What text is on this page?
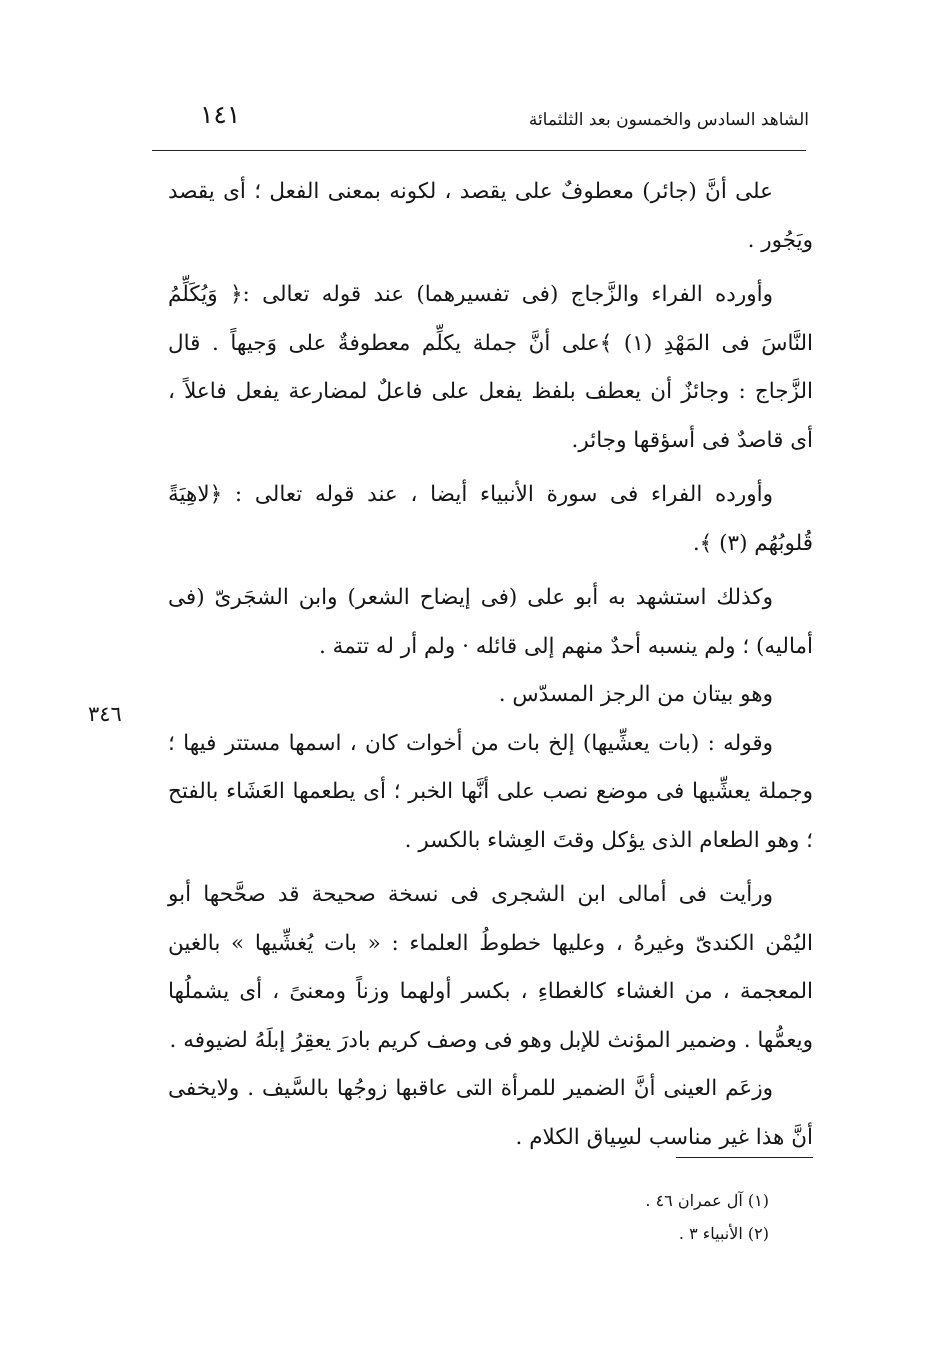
الشاهد السادس والخمسون بعد الثلثمائة
١٤١

على أنَّ (جائر) معطوفٌ على يقصد ، لكونه بمعنى الفعل ؛ أى يقصد ويَجُور .

وأورده الفراء والزَّجاج (فى تفسيرهما) عند قوله تعالى :﴿ وَيُكَلِّمُ النَّاسَ فى المَهْدِ (١) ﴾على أنَّ جملة يكلِّم معطوفةٌ على وَجيهاً . قال الزَّجاج : وجائزٌ أن يعطف بلفظ يفعل على فاعلٌ لمضارعة يفعل فاعلاً ، أى قاصدٌ فى أسؤقها وجائر.

وأورده الفراء فى سورة الأنبياء أيضا ، عند قوله تعالى : ﴿لاهِيَةً قُلوبُهُم (٣) ﴾.

وكذلك استشهد به أبو على (فى إيضاح الشعر) وابن الشجَرىّ (فى أماليه) ؛ ولم ينسبه أحدٌ منهم إلى قائله · ولم أر له تتمة .

وهو بيتان من الرجز المسدّس .

وقوله : (بات يعشِّيها) إلخ بات من أخوات كان ، اسمها مستتر فيها ؛ وجملة يعشِّيها فى موضع نصب على أنَّها الخبر ؛ أى يطعمها العَشَاء بالفتح ؛ وهو الطعام الذى يؤكل وقتَ العِشاء بالكسر .

ورأيت فى أمالى ابن الشجرى فى نسخة صحيحة قد صحَّحها أبو اليُمْن الكندىّ وغيرهُ ، وعليها خطوطُ العلماء : « بات يُغشِّيها » بالغين المعجمة ، من الغشاء كالغطاءِ ، بكسر أولهما وزناً ومعنىً ، أى يشملُها ويعمُّها . وضمير المؤنث للإبل وهو فى وصف كريم بادرَ يعقِرُ إبلَهُ لضيوفه .

وزعَم العينى أنَّ الضمير للمرأة التى عاقبها زوجُها بالسَّيف . ولايخفى أنَّ هذا غير مناسب لسِياق الكلام .

٣٤٦
(١) آل عمران ٤٦ .
(٢) الأنبياء ٣ .
